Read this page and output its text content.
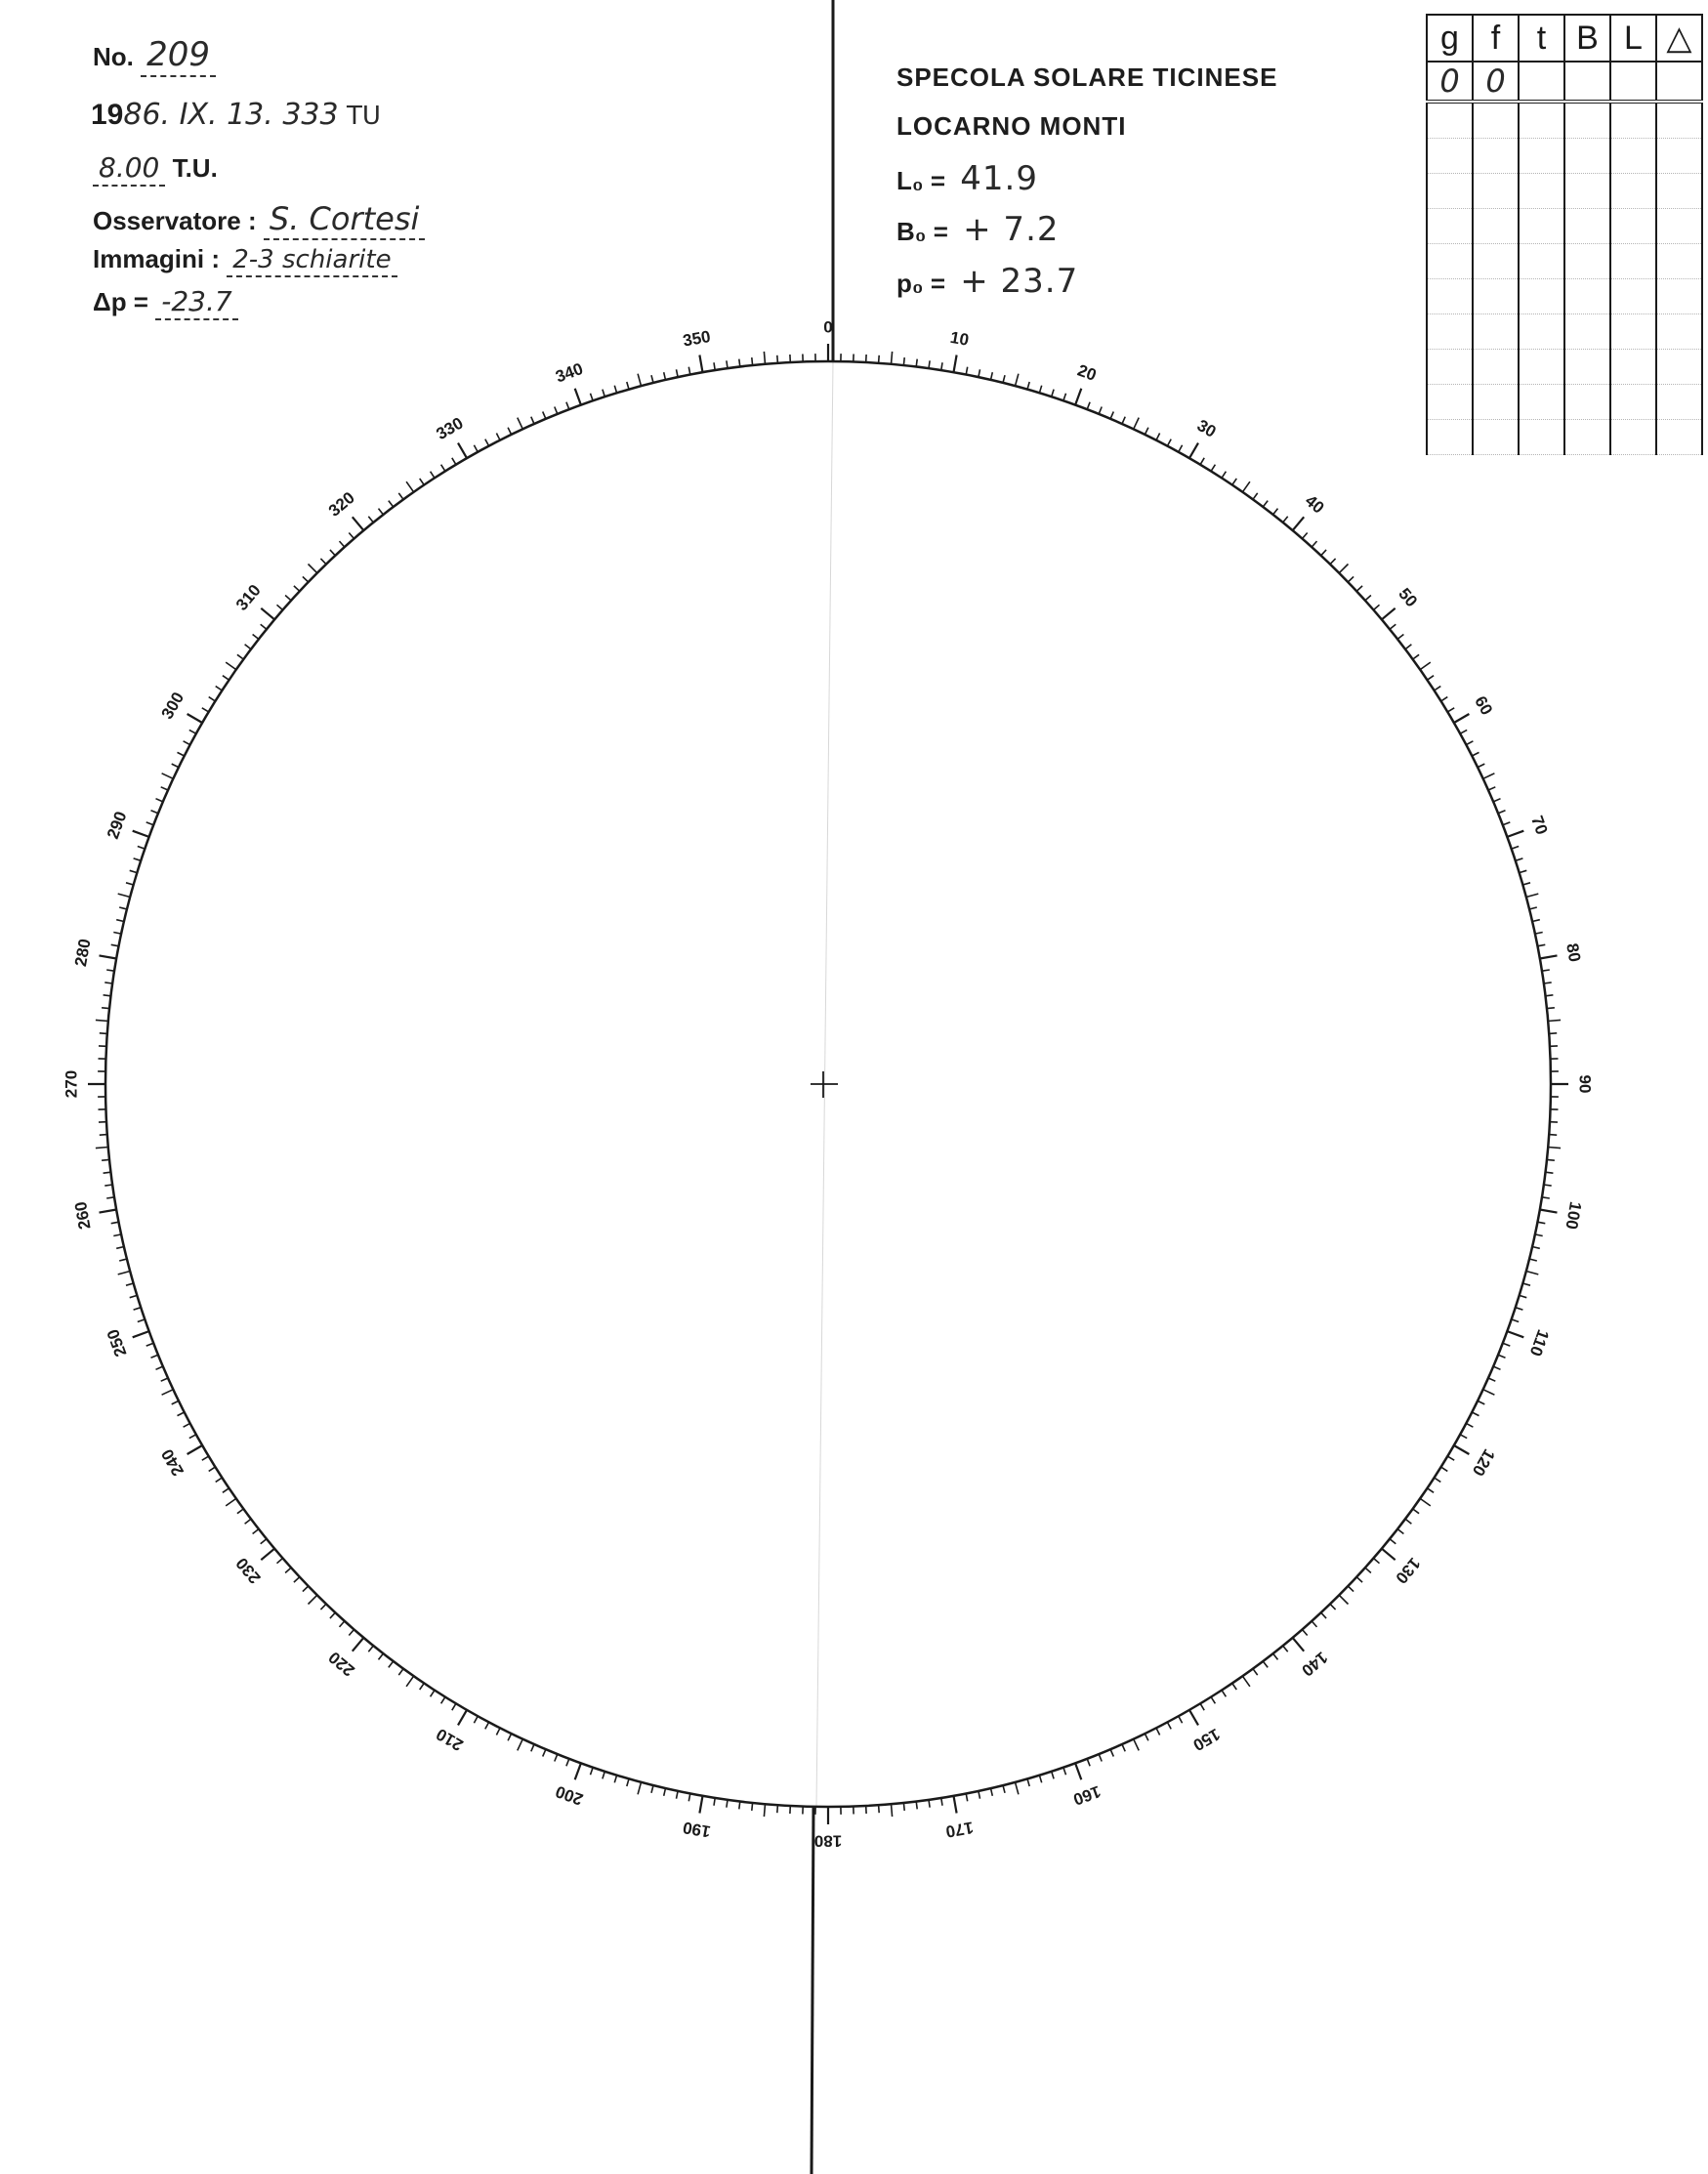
No. 209
1986. IX. 13. 333 TU
8.00 T.U.
Osservatore : S. Cortesi
Immagini : 2-3 schiarite
Δp = -23.7
SPECOLA SOLARE TICINESE
LOCARNO MONTI
L₀ = 41.9
B₀ = + 7.2
p₀ = + 23.7
g	f	t	B	L	△
0	0				

0
10
20
30
40
50
60
70
80
90
100
110
120
130
140
150
160
170
180
190
200
210
220
230
240
250
260
270
280
290
300
310
320
330
340
350
